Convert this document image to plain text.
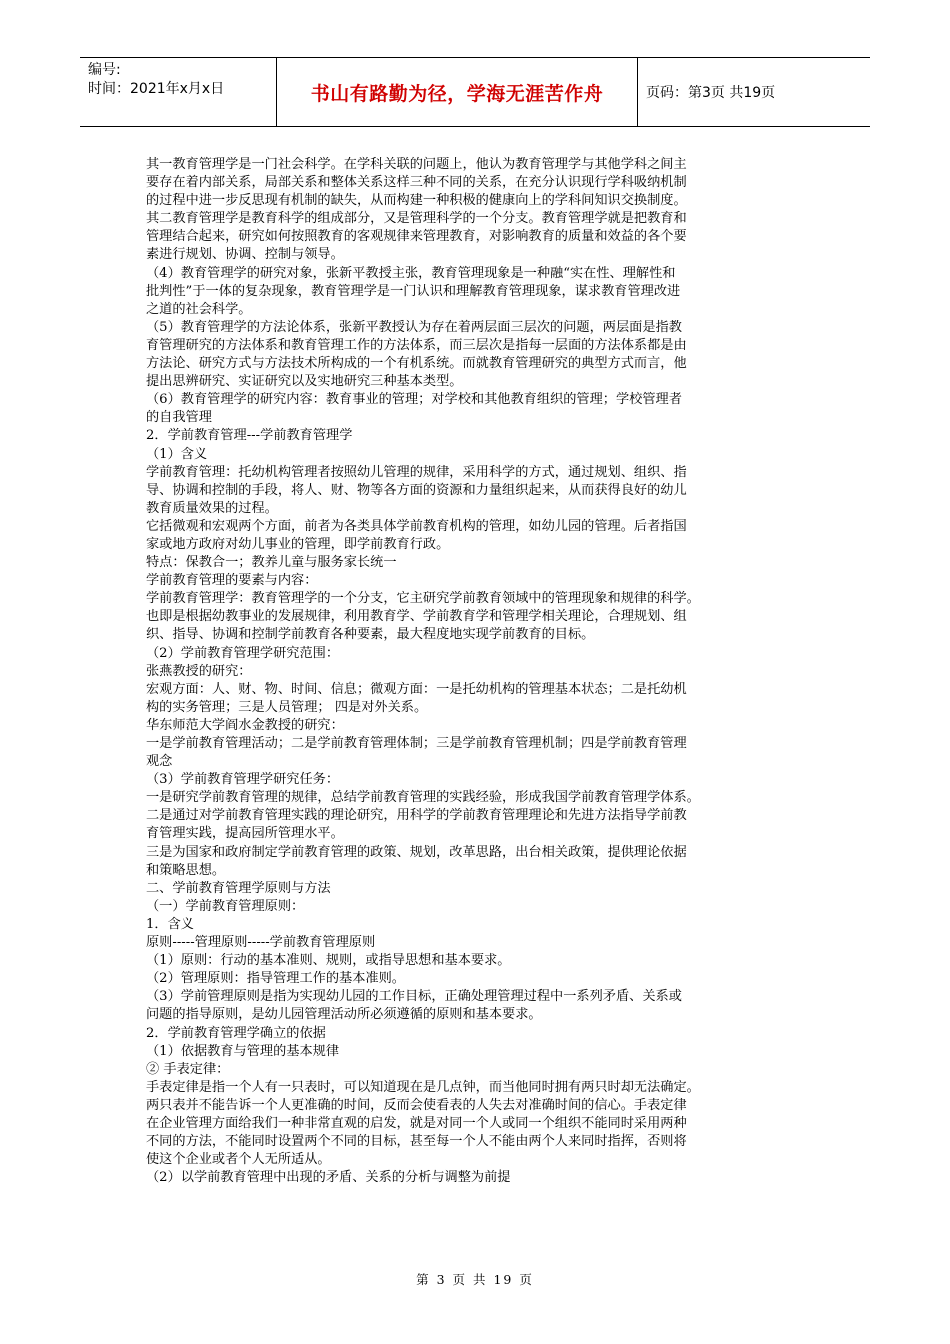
编号:
时间：2021年x月x日	书山有路勤为径，学海无涯苦作舟	页码：第3页 共19页
其一教育管理学是一门社会科学。在学科关联的问题上，他认为教育管理学与其他学科之间主
要存在着内部关系，局部关系和整体关系这样三种不同的关系，在充分认识现行学科吸纳机制
的过程中进一步反思现有机制的缺失，从而构建一种积极的健康向上的学科间知识交换制度。
其二教育管理学是教育科学的组成部分，又是管理科学的一个分支。教育管理学就是把教育和
管理结合起来，研究如何按照教育的客观规律来管理教育，对影响教育的质量和效益的各个要
素进行规划、协调、控制与领导。
（4）教育管理学的研究对象，张新平教授主张，教育管理现象是一种融“实在性、理解性和
批判性”于一体的复杂现象，教育管理学是一门认识和理解教育管理现象，谋求教育管理改进
之道的社会科学。
（5）教育管理学的方法论体系，张新平教授认为存在着两层面三层次的问题，两层面是指教
育管理研究的方法体系和教育管理工作的方法体系，而三层次是指每一层面的方法体系都是由
方法论、研究方式与方法技术所构成的一个有机系统。而就教育管理研究的典型方式而言，他
提出思辨研究、实证研究以及实地研究三种基本类型。
（6）教育管理学的研究内容：教育事业的管理；对学校和其他教育组织的管理；学校管理者
的自我管理
2．学前教育管理---学前教育管理学
（1）含义
学前教育管理：托幼机构管理者按照幼儿管理的规律，采用科学的方式，通过规划、组织、指
导、协调和控制的手段，将人、财、物等各方面的资源和力量组织起来，从而获得良好的幼儿
教育质量效果的过程。
它括微观和宏观两个方面，前者为各类具体学前教育机构的管理，如幼儿园的管理。后者指国
家或地方政府对幼儿事业的管理，即学前教育行政。
特点：保教合一；教养儿童与服务家长统一
学前教育管理的要素与内容：
学前教育管理学：教育管理学的一个分支，它主研究学前教育领域中的管理现象和规律的科学。
也即是根据幼教事业的发展规律，利用教育学、学前教育学和管理学相关理论，合理规划、组
织、指导、协调和控制学前教育各种要素，最大程度地实现学前教育的目标。
（2）学前教育管理学研究范围：
张燕教授的研究：
宏观方面：人、财、物、时间、信息；微观方面：一是托幼机构的管理基本状态；二是托幼机
构的实务管理；三是人员管理； 四是对外关系。
华东师范大学阎水金教授的研究：
一是学前教育管理活动；二是学前教育管理体制；三是学前教育管理机制；四是学前教育管理
观念
（3）学前教育管理学研究任务：
一是研究学前教育管理的规律，总结学前教育管理的实践经验，形成我国学前教育管理学体系。
二是通过对学前教育管理实践的理论研究，用科学的学前教育管理理论和先进方法指导学前教
育管理实践，提高园所管理水平。
三是为国家和政府制定学前教育管理的政策、规划，改革思路，出台相关政策，提供理论依据
和策略思想。
二、学前教育管理学原则与方法
（一）学前教育管理原则：
1．含义
原则-----管理原则-----学前教育管理原则
（1）原则：行动的基本准则、规则，或指导思想和基本要求。
（2）管理原则：指导管理工作的基本准则。
（3）学前管理原则是指为实现幼儿园的工作目标，正确处理管理过程中一系列矛盾、关系或
问题的指导原则，是幼儿园管理活动所必须遵循的原则和基本要求。
2．学前教育管理学确立的依据
（1）依据教育与管理的基本规律
② 手表定律：
手表定律是指一个人有一只表时，可以知道现在是几点钟，而当他同时拥有两只时却无法确定。
两只表并不能告诉一个人更准确的时间，反而会使看表的人失去对准确时间的信心。手表定律
在企业管理方面给我们一种非常直观的启发，就是对同一个人或同一个组织不能同时采用两种
不同的方法，不能同时设置两个不同的目标，甚至每一个人不能由两个人来同时指挥，否则将
使这个企业或者个人无所适从。
（2）以学前教育管理中出现的矛盾、关系的分析与调整为前提
第 3 页 共 19 页
